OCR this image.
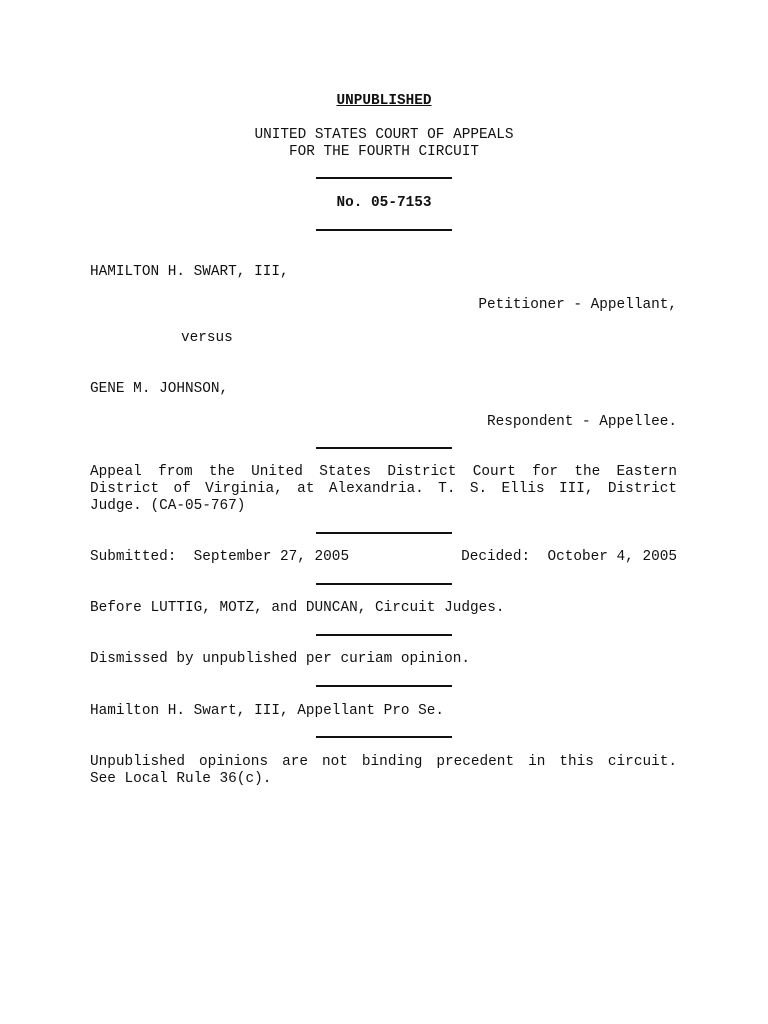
UNPUBLISHED
UNITED STATES COURT OF APPEALS
FOR THE FOURTH CIRCUIT
No. 05-7153
HAMILTON H. SWART, III,
Petitioner - Appellant,
versus
GENE M. JOHNSON,
Respondent - Appellee.
Appeal from the United States District Court for the Eastern
District of Virginia, at Alexandria. T. S. Ellis III, District
Judge. (CA-05-767)
Submitted:  September 27, 2005	Decided:  October 4, 2005
Before LUTTIG, MOTZ, and DUNCAN, Circuit Judges.
Dismissed by unpublished per curiam opinion.
Hamilton H. Swart, III, Appellant Pro Se.
Unpublished opinions are not binding precedent in this circuit.
See Local Rule 36(c).
